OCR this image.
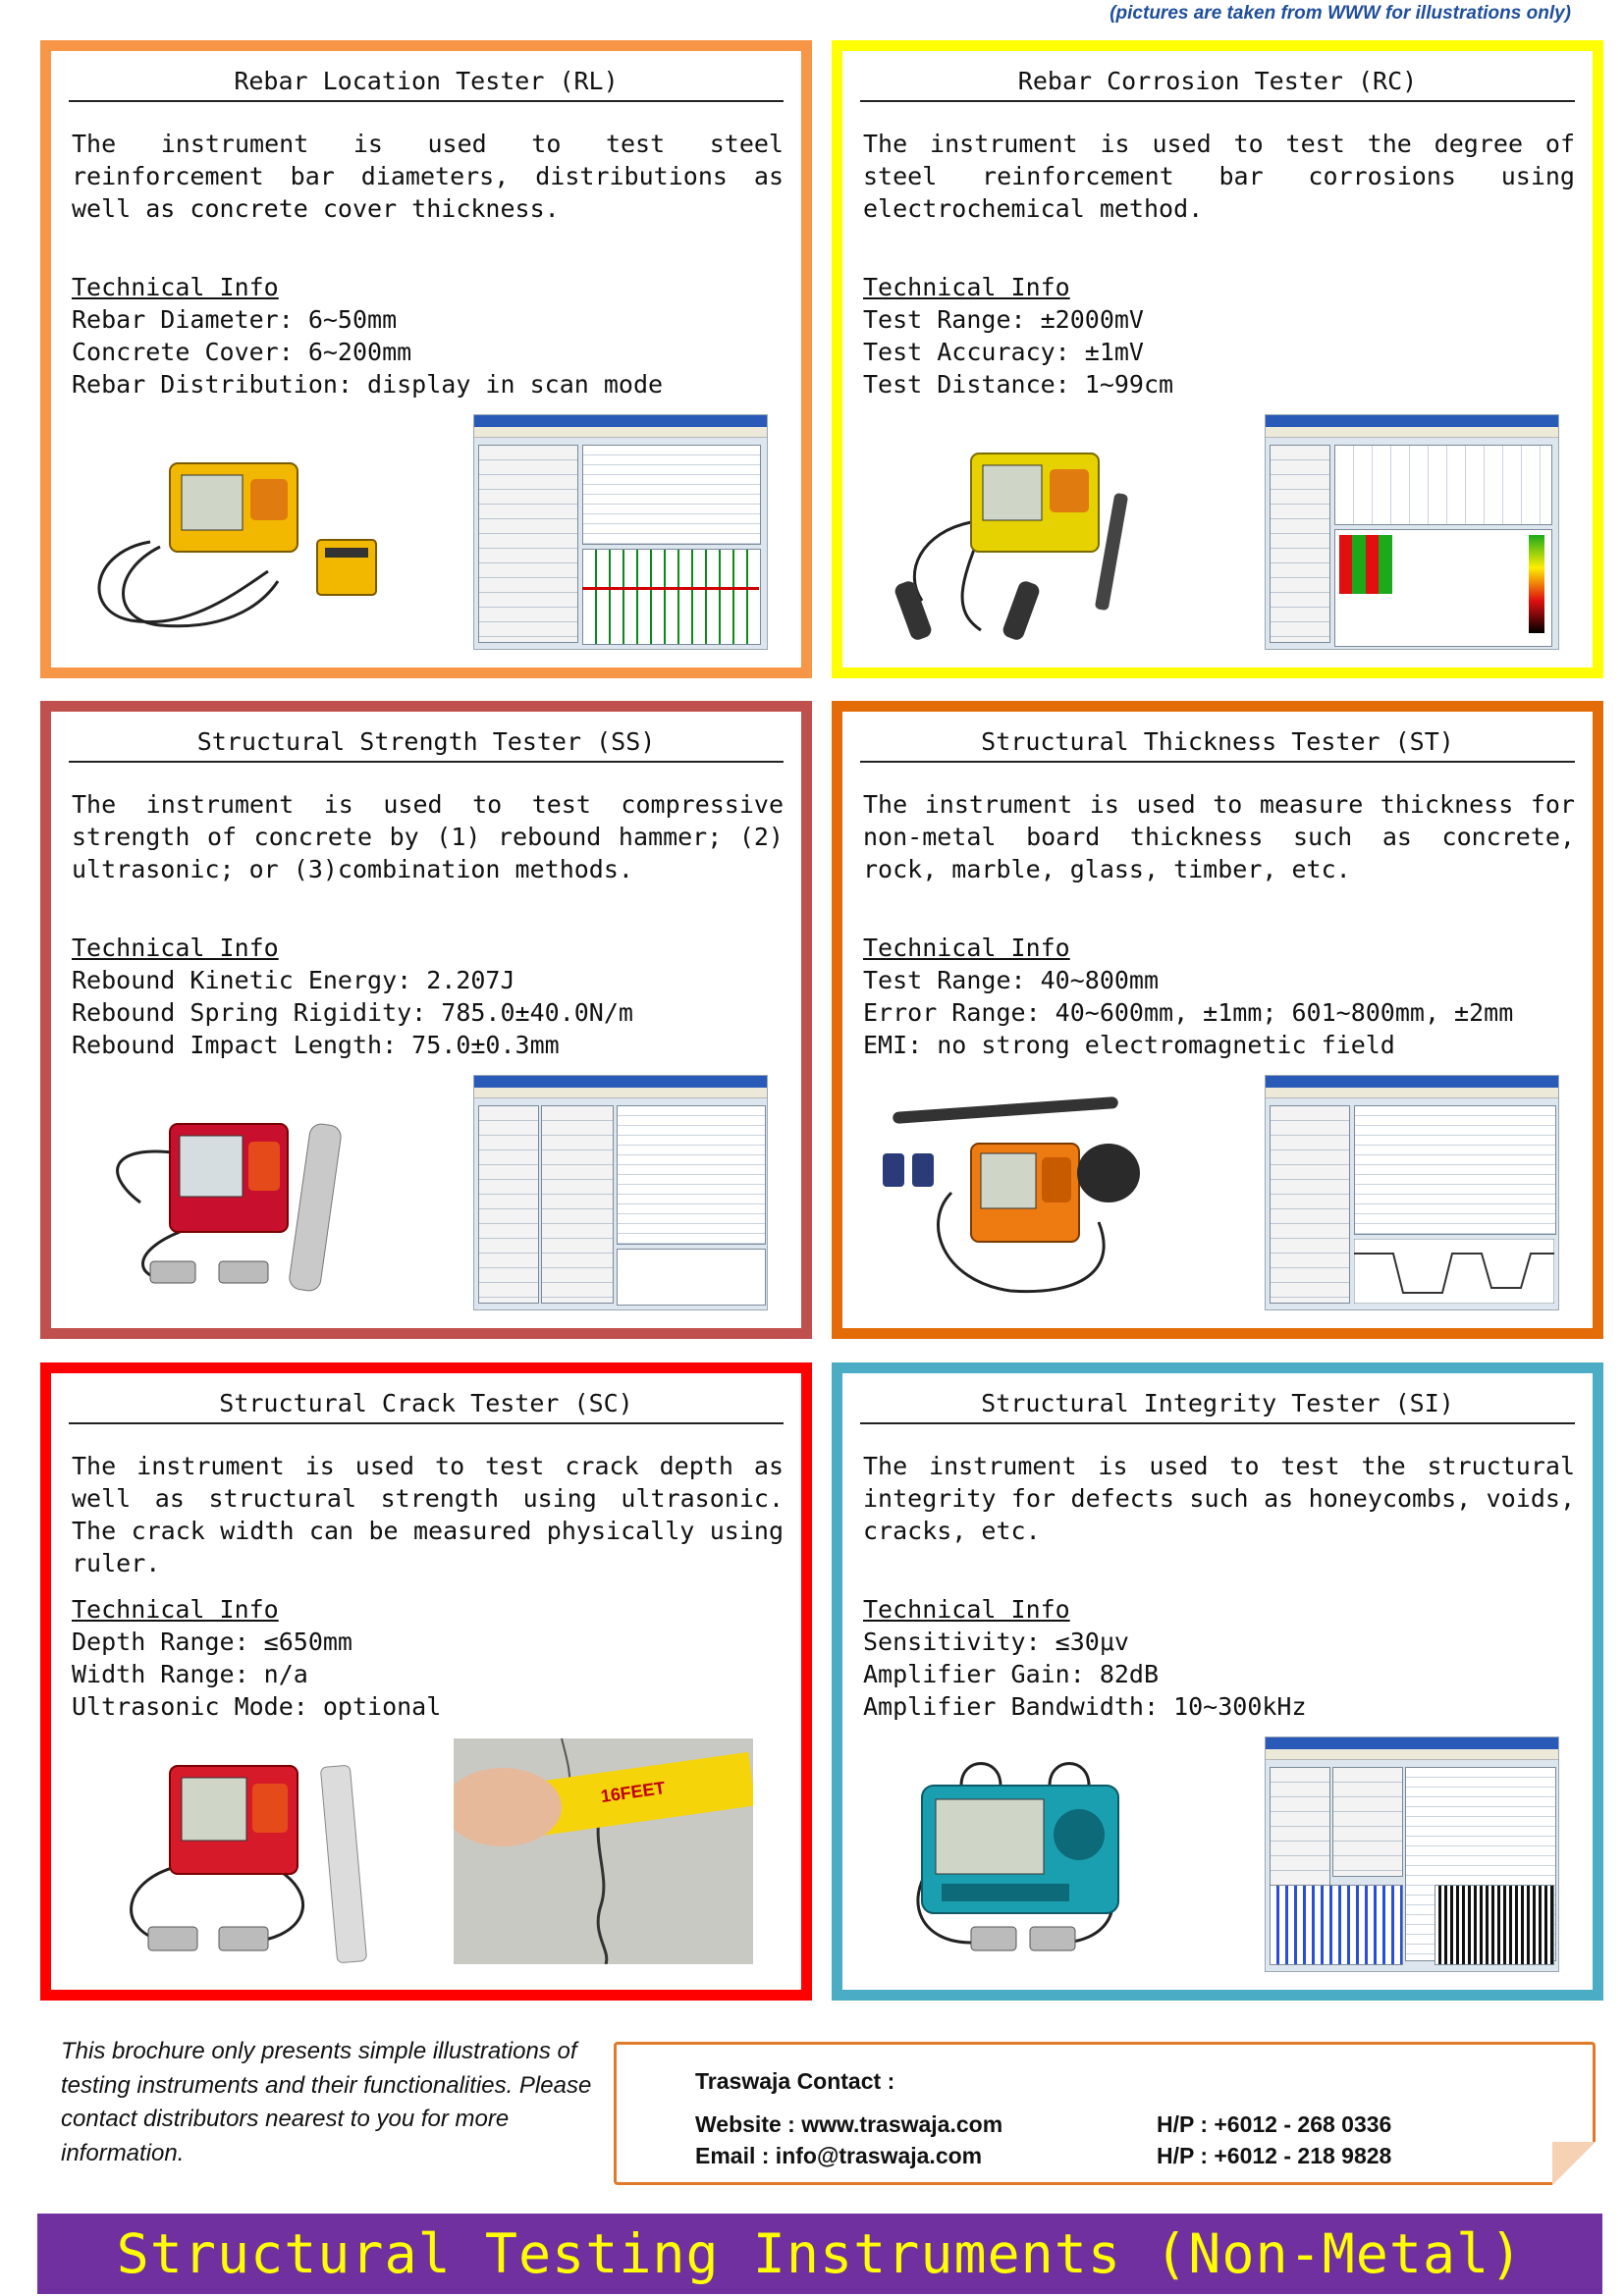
(pictures are taken from WWW for illustrations only)
Rebar Location Tester (RL)
The instrument is used to test steel reinforcement bar diameters, distributions as well as concrete cover thickness.
Technical Info
Rebar Diameter: 6~50mm
Concrete Cover: 6~200mm
Rebar Distribution: display in scan mode
Rebar Corrosion Tester (RC)
The instrument is used to test the degree of steel reinforcement bar corrosions using electrochemical method.
Technical Info
Test Range: ±2000mV
Test Accuracy: ±1mV
Test Distance: 1~99cm
Structural Strength Tester (SS)
The instrument is used to test compressive strength of concrete by (1) rebound hammer; (2) ultrasonic; or (3)combination methods.
Technical Info
Rebound Kinetic Energy: 2.207J
Rebound Spring Rigidity: 785.0±40.0N/m
Rebound Impact Length: 75.0±0.3mm
Structural Thickness Tester (ST)
The instrument is used to measure thickness for non-metal board thickness such as concrete, rock, marble, glass, timber, etc.
Technical Info
Test Range: 40~800mm
Error Range: 40~600mm, ±1mm; 601~800mm, ±2mm
EMI: no strong electromagnetic field
Structural Crack Tester (SC)
The instrument is used to test crack depth as well as structural strength using ultrasonic. The crack width can be measured physically using ruler.
Technical Info
Depth Range: ≤650mm
Width Range: n/a
Ultrasonic Mode: optional
16FEET
Structural Integrity Tester (SI)
The instrument is used to test the structural integrity for defects such as honeycombs, voids, cracks, etc.
Technical Info
Sensitivity: ≤30μv
Amplifier Gain: 82dB
Amplifier Bandwidth: 10~300kHz
This brochure only presents simple illustrations of testing instruments and their functionalities. Please contact distributors nearest to you for more information.
Traswaja Contact :
Website : www.traswaja.com
Email : info@traswaja.com
H/P : +6012 - 268 0336
H/P : +6012 - 218 9828
Structural Testing Instruments (Non-Metal)
